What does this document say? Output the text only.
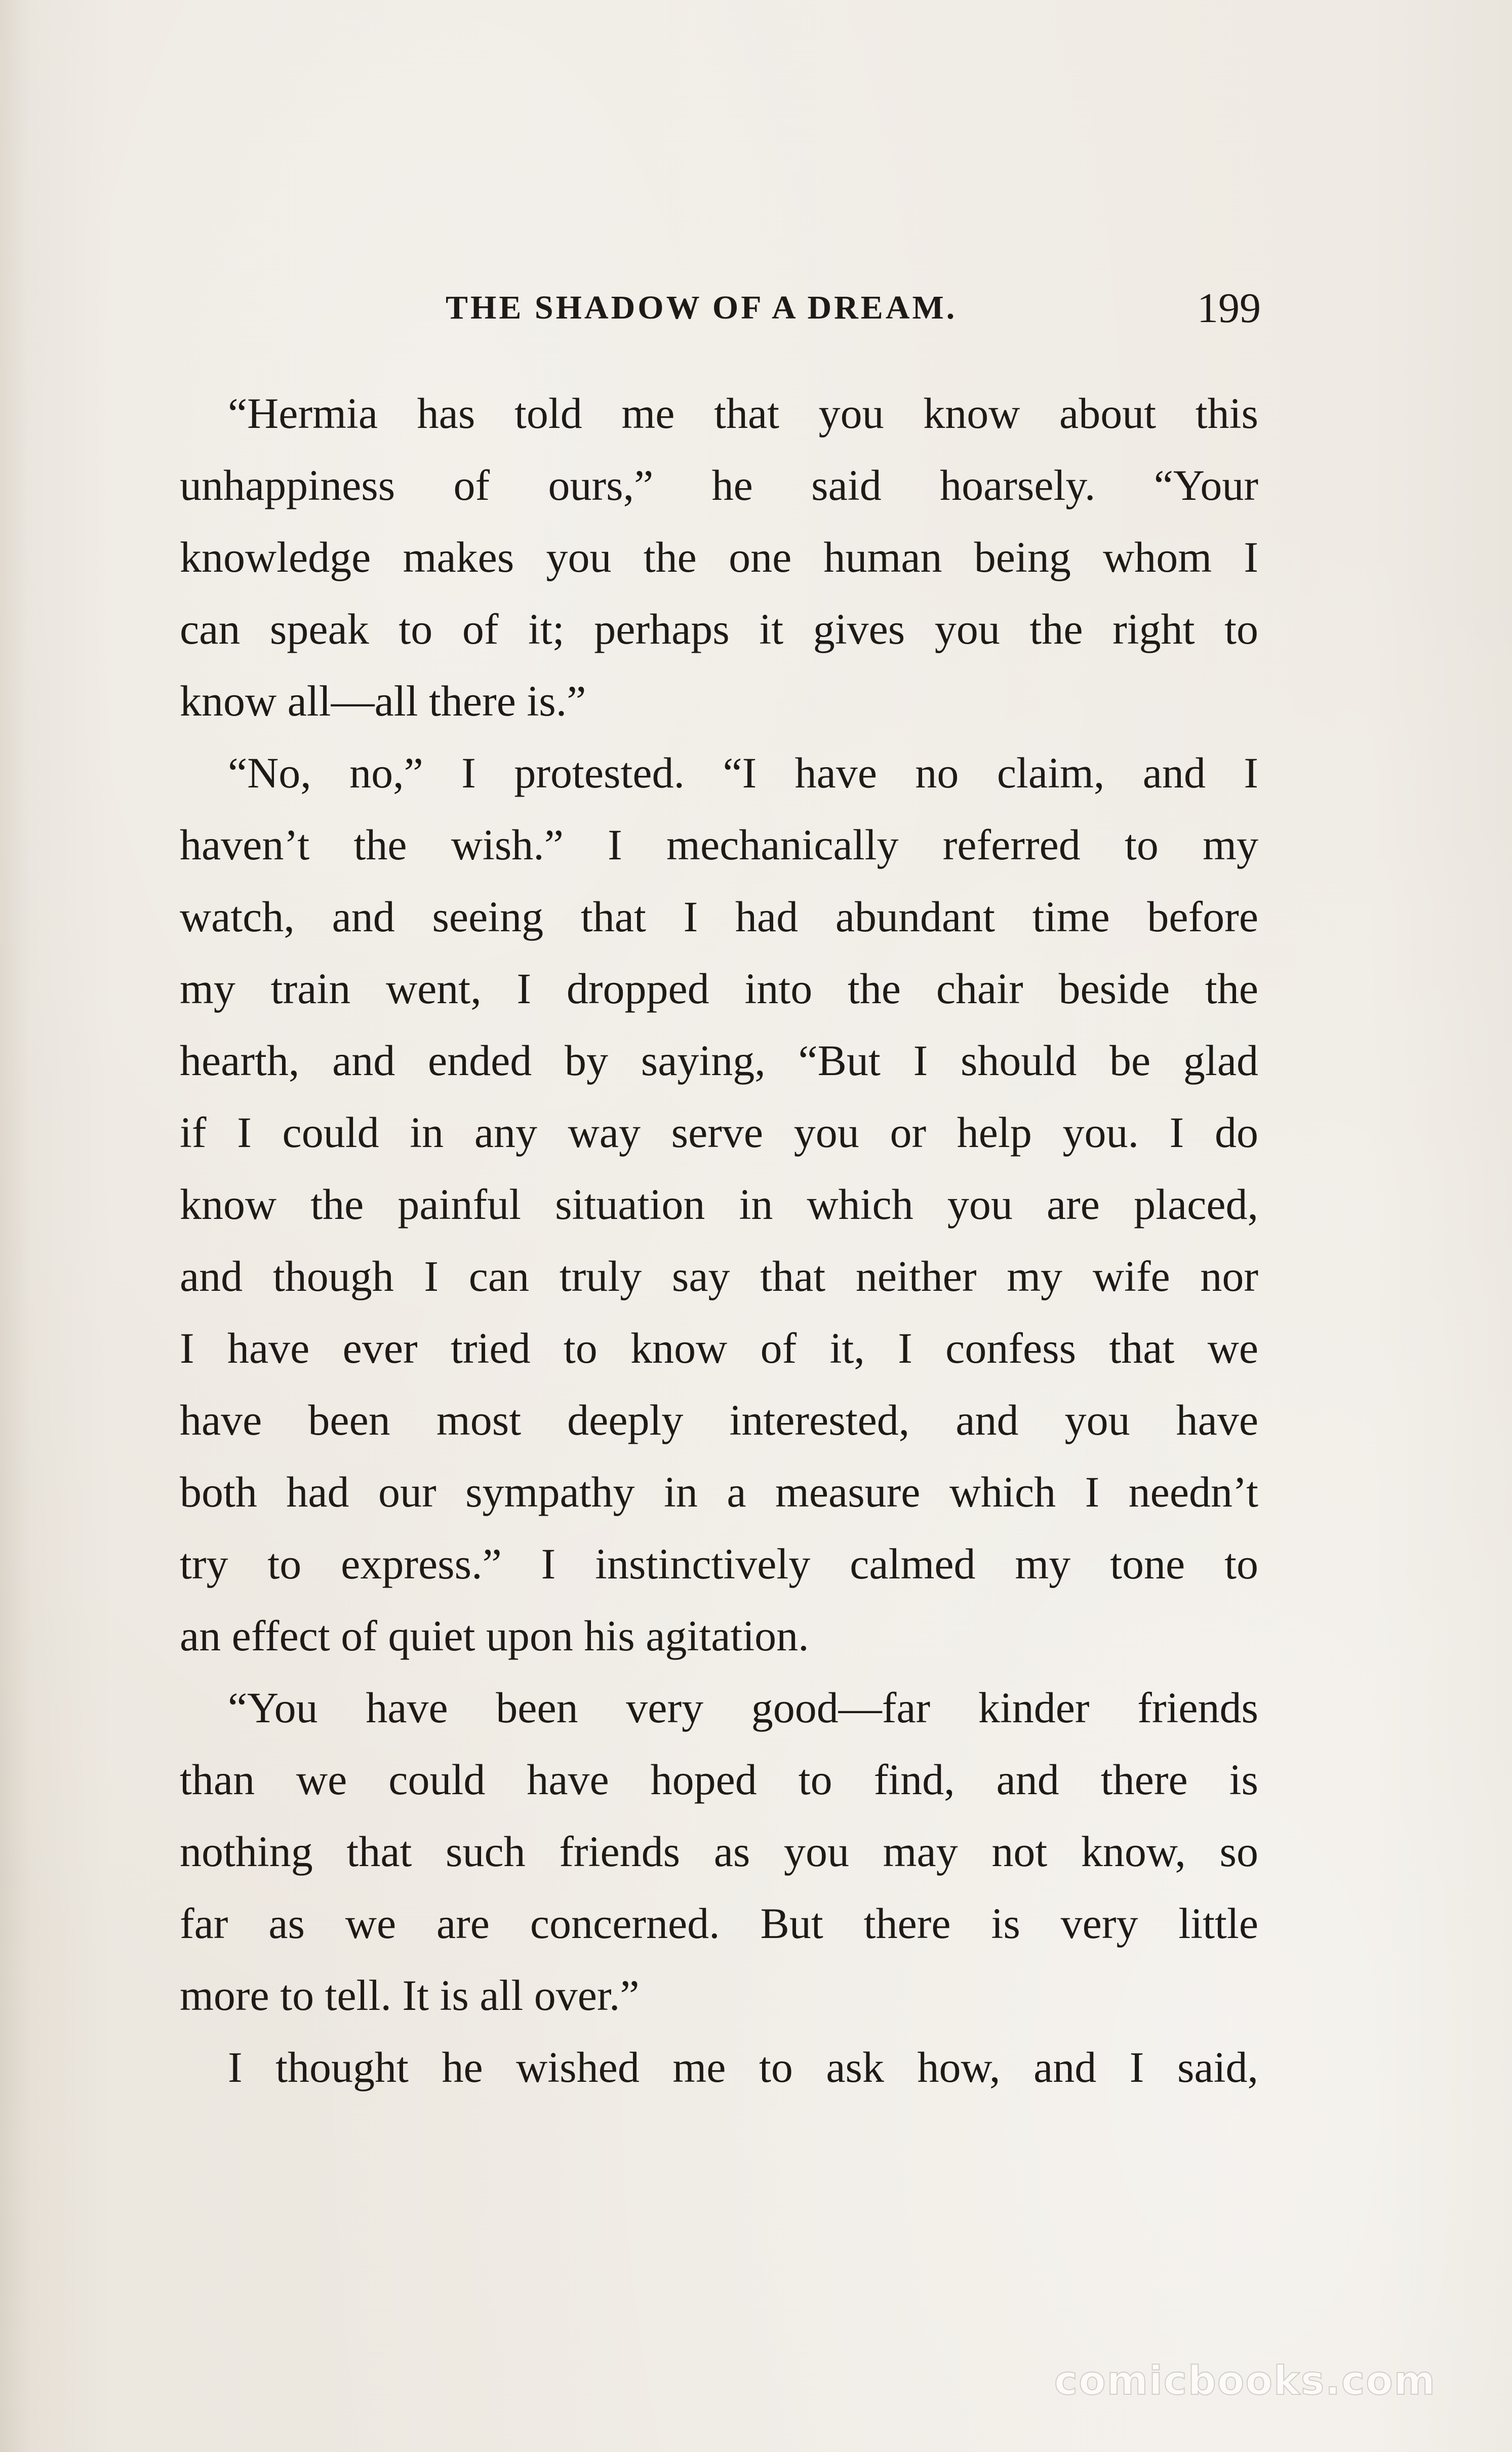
THE SHADOW OF A DREAM.	199
“Hermia has told me that you know about this
unhappiness of ours,” he said hoarsely. “Your
knowledge makes you the one human being whom I
can speak to of it; perhaps it gives you the right to
know all—all there is.”
“No, no,” I protested. “I have no claim, and I
haven’t the wish.” I mechanically referred to my
watch, and seeing that I had abundant time before
my train went, I dropped into the chair beside the
hearth, and ended by saying, “But I should be glad
if I could in any way serve you or help you. I do
know the painful situation in which you are placed,
and though I can truly say that neither my wife nor
I have ever tried to know of it, I confess that we
have been most deeply interested, and you have
both had our sympathy in a measure which I needn’t
try to express.” I instinctively calmed my tone to
an effect of quiet upon his agitation.
“You have been very good—far kinder friends
than we could have hoped to find, and there is
nothing that such friends as you may not know, so
far as we are concerned. But there is very little
more to tell. It is all over.”
I thought he wished me to ask how, and I said,
comicbooks.com
